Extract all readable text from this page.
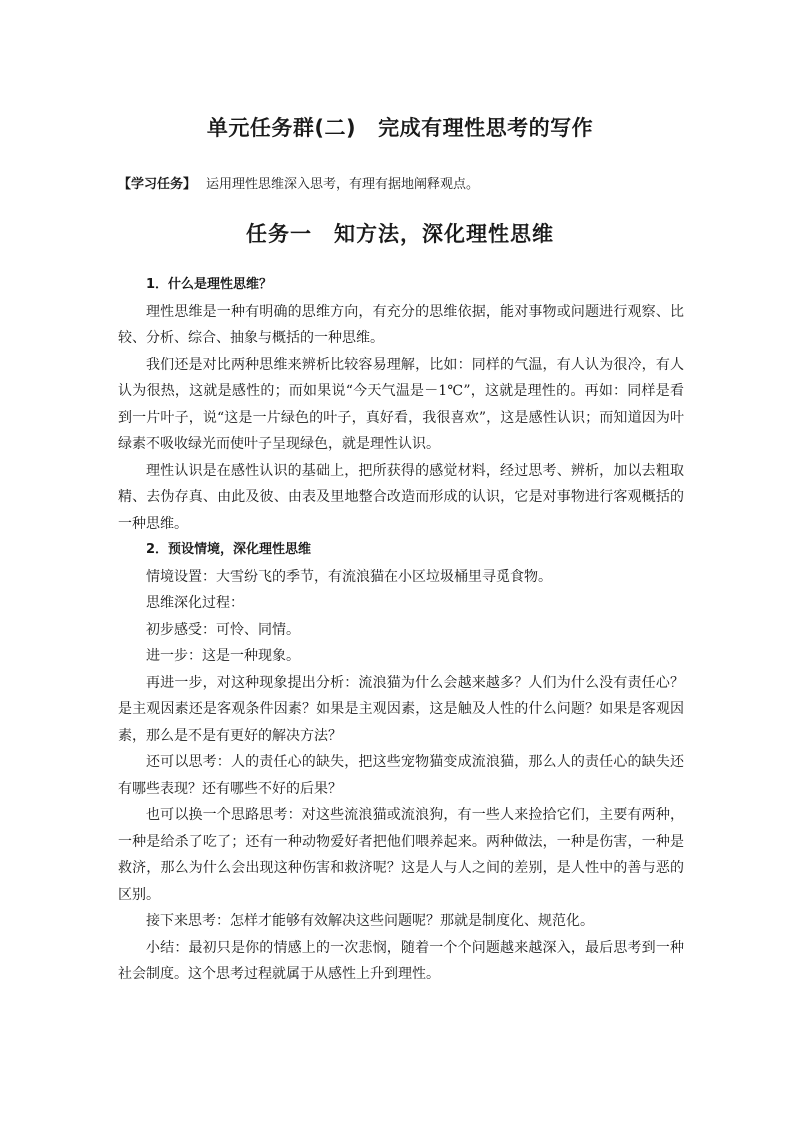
单元任务群(二) 完成有理性思考的写作
【学习任务】 运用理性思维深入思考，有理有据地阐释观点。
任务一 知方法，深化理性思维

1．什么是理性思维？

理性思维是一种有明确的思维方向，有充分的思维依据，能对事物或问题进行观察、比较、分析、综合、抽象与概括的一种思维。

我们还是对比两种思维来辨析比较容易理解，比如：同样的气温，有人认为很冷，有人认为很热，这就是感性的；而如果说“今天气温是－1℃”，这就是理性的。再如：同样是看到一片叶子，说“这是一片绿色的叶子，真好看，我很喜欢”，这是感性认识；而知道因为叶绿素不吸收绿光而使叶子呈现绿色，就是理性认识。

理性认识是在感性认识的基础上，把所获得的感觉材料，经过思考、辨析，加以去粗取精、去伪存真、由此及彼、由表及里地整合改造而形成的认识，它是对事物进行客观概括的一种思维。

2．预设情境，深化理性思维

情境设置：大雪纷飞的季节，有流浪猫在小区垃圾桶里寻觅食物。

思维深化过程：

初步感受：可怜、同情。

进一步：这是一种现象。

再进一步，对这种现象提出分析：流浪猫为什么会越来越多？人们为什么没有责任心？是主观因素还是客观条件因素？如果是主观因素，这是触及人性的什么问题？如果是客观因素，那么是不是有更好的解决方法？

还可以思考：人的责任心的缺失，把这些宠物猫变成流浪猫，那么人的责任心的缺失还有哪些表现？还有哪些不好的后果？

也可以换一个思路思考：对这些流浪猫或流浪狗，有一些人来捡拾它们，主要有两种，一种是给杀了吃了；还有一种动物爱好者把他们喂养起来。两种做法，一种是伤害，一种是救济，那么为什么会出现这种伤害和救济呢？这是人与人之间的差别，是人性中的善与恶的区别。

接下来思考：怎样才能够有效解决这些问题呢？那就是制度化、规范化。

小结：最初只是你的情感上的一次悲悯，随着一个个问题越来越深入，最后思考到一种社会制度。这个思考过程就属于从感性上升到理性。
